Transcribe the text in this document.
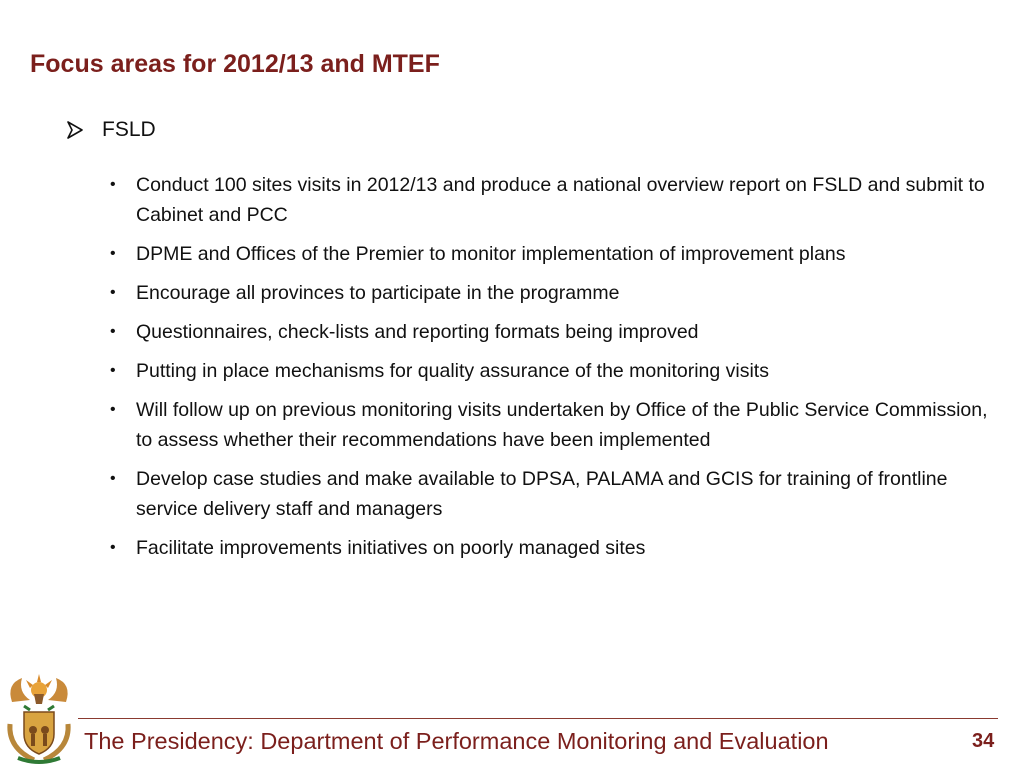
Focus areas for 2012/13 and MTEF
FSLD
• Conduct 100 sites visits in 2012/13 and produce a national overview report on FSLD and submit to Cabinet and PCC
• DPME and Offices of the Premier to monitor implementation of improvement plans
• Encourage all provinces to participate in the programme
• Questionnaires, check-lists and reporting formats being improved
• Putting in place mechanisms for quality assurance of the monitoring visits
• Will follow up on previous monitoring visits undertaken by Office of the Public Service Commission, to assess whether their recommendations have been implemented
• Develop case studies and make available to DPSA, PALAMA and GCIS for training of frontline service delivery staff and managers
• Facilitate improvements initiatives on poorly managed sites
The Presidency: Department of Performance Monitoring and Evaluation	34
